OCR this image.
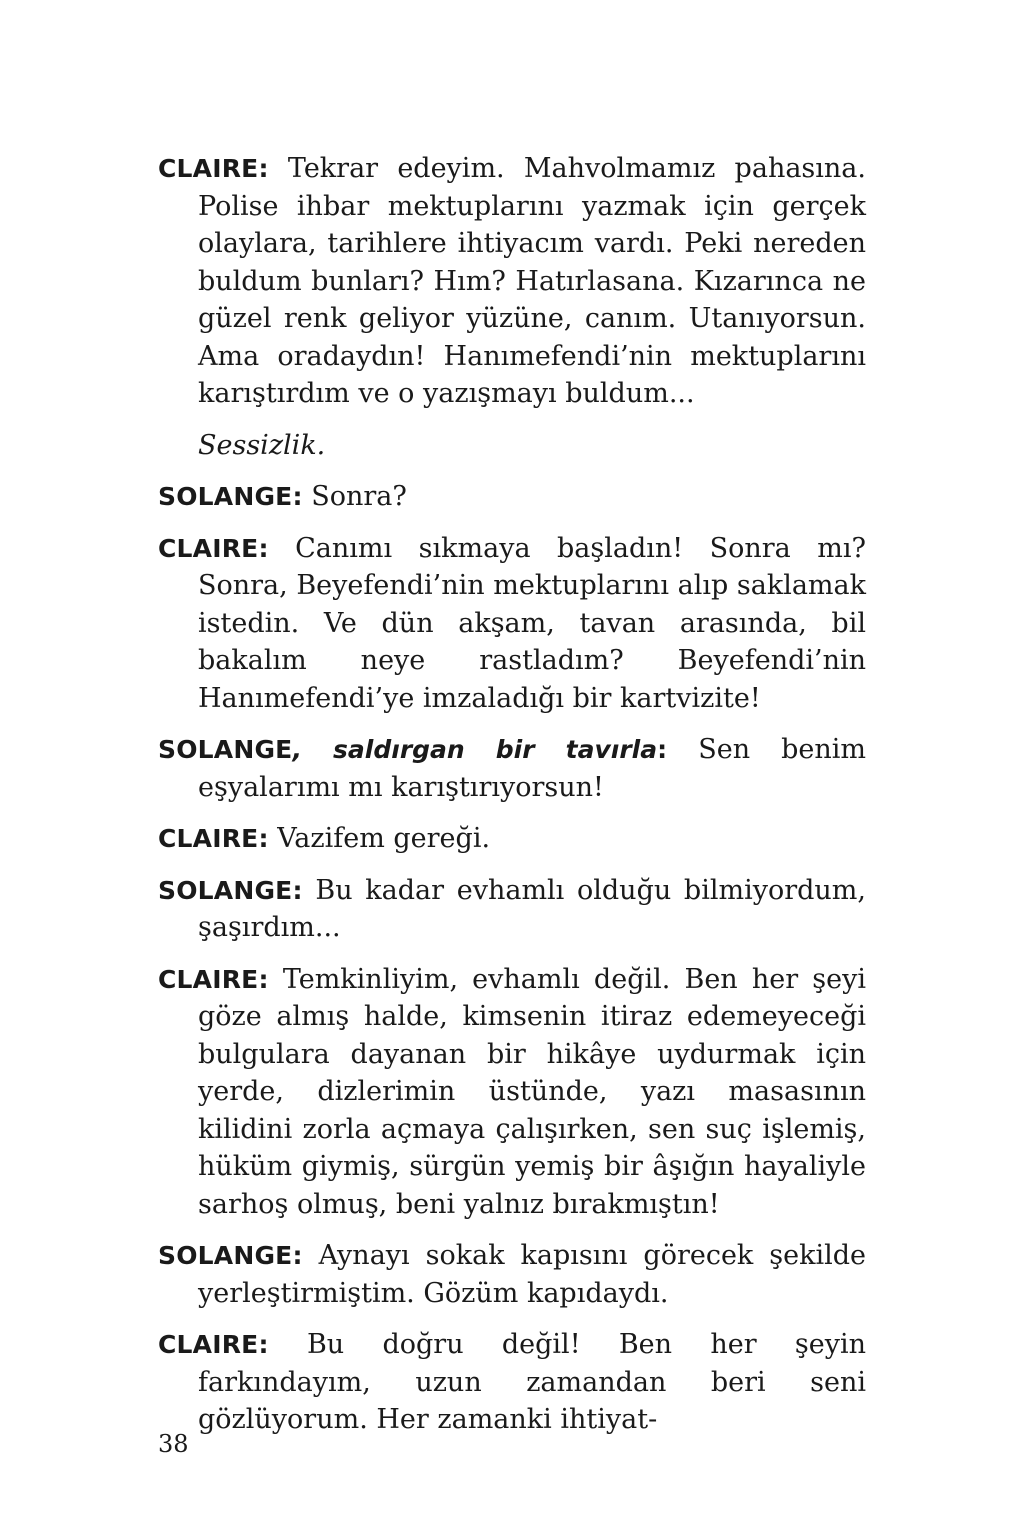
CLAIRE: Tekrar edeyim. Mahvolmamız pahasına. Polise ihbar mektuplarını yazmak için gerçek olaylara, tarihlere ihtiyacım vardı. Peki nereden buldum bunları? Hım? Hatırlasana. Kızarınca ne güzel renk geliyor yüzüne, canım. Utanıyorsun. Ama oradaydın! Hanımefendi’nin mektuplarını karıştırdım ve o yazışmayı buldum...

Sessizlik.

SOLANGE: Sonra?

CLAIRE: Canımı sıkmaya başladın! Sonra mı? Sonra, Beyefendi’nin mektuplarını alıp saklamak istedin. Ve dün akşam, tavan arasında, bil bakalım neye rastladım? Beyefendi’nin Hanımefendi’ye imzaladığı bir kartvizite!

SOLANGE, saldırgan bir tavırla: Sen benim eşyalarımı mı karıştırıyorsun!

CLAIRE: Vazifem gereği.

SOLANGE: Bu kadar evhamlı olduğu bilmiyordum, şaşırdım...

CLAIRE: Temkinliyim, evhamlı değil. Ben her şeyi göze almış halde, kimsenin itiraz edemeyeceği bulgulara dayanan bir hikâye uydurmak için yerde, dizlerimin üstünde, yazı masasının kilidini zorla açmaya çalışırken, sen suç işlemiş, hüküm giymiş, sürgün yemiş bir âşığın hayaliyle sarhoş olmuş, beni yalnız bırakmıştın!

SOLANGE: Aynayı sokak kapısını görecek şekilde yerleştirmiştim. Gözüm kapıdaydı.

CLAIRE: Bu doğru değil! Ben her şeyin farkındayım, uzun zamandan beri seni gözlüyorum. Her zamanki ihtiyat-

38
